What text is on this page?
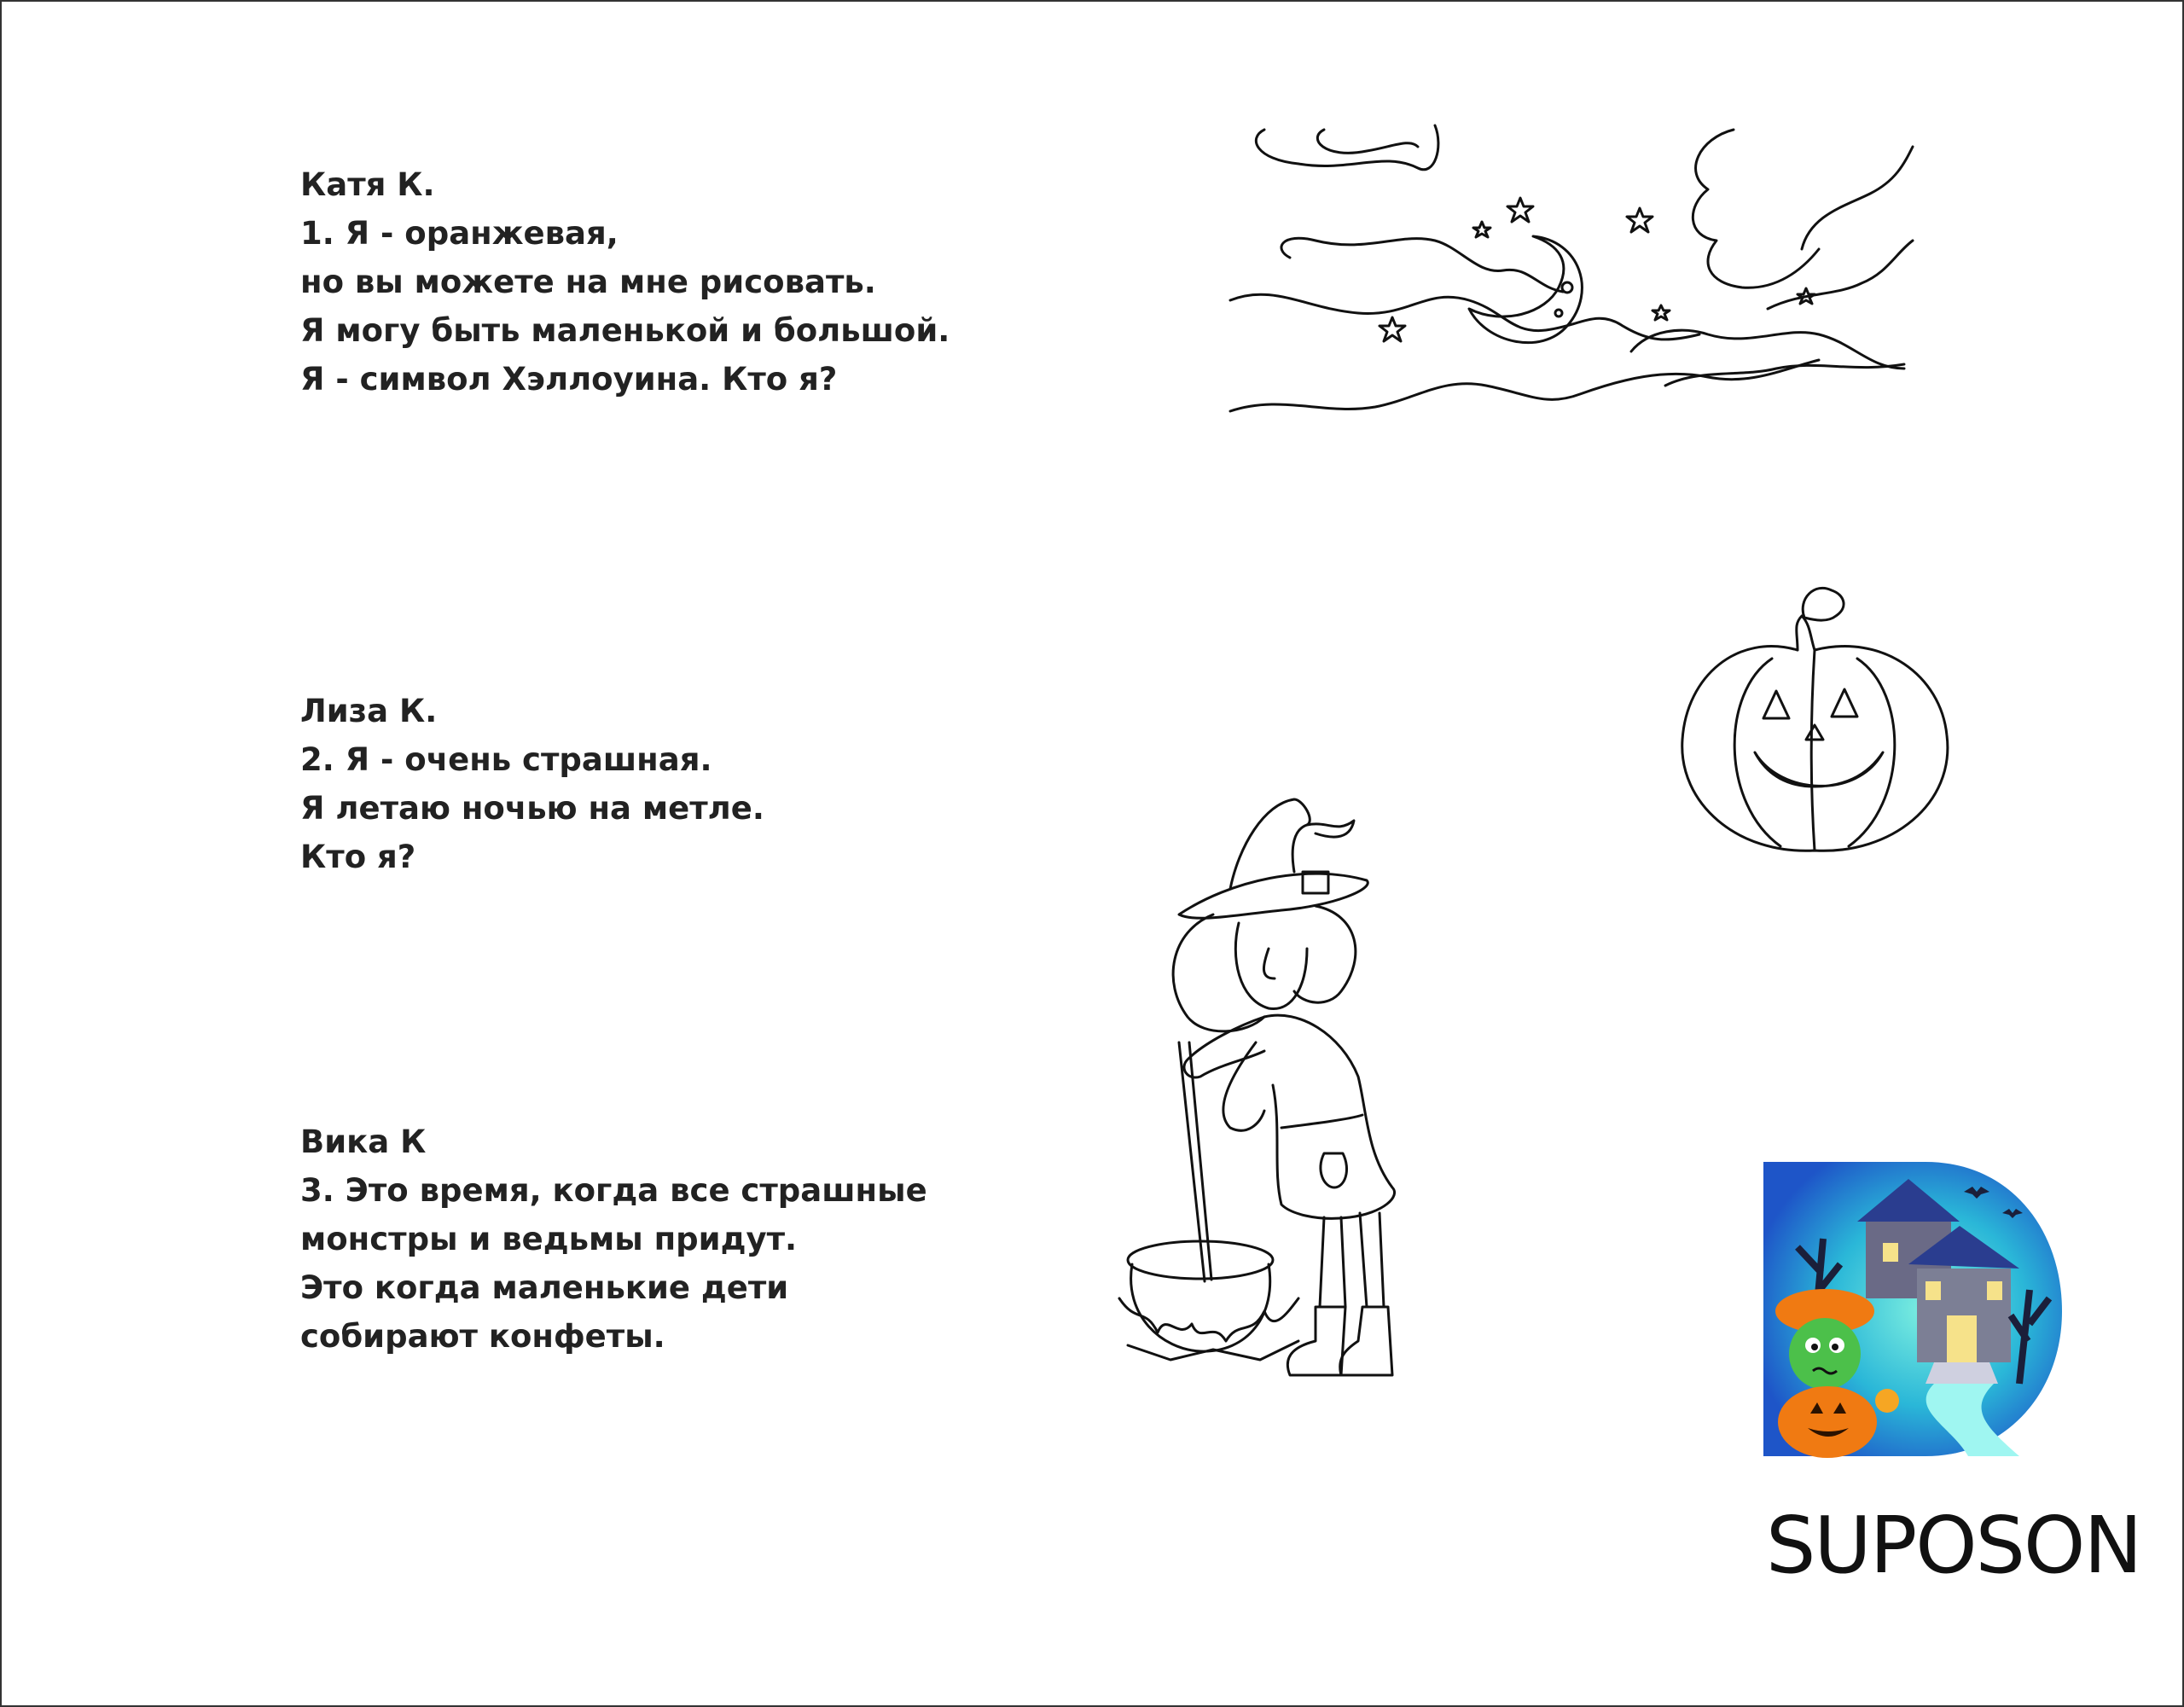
Катя К.
1. Я - оранжевая,
но вы можете на мне рисовать.
Я могу быть маленькой и большой.
Я - символ Хэллоуина. Кто я?
Лиза К.
2. Я - очень страшная.
Я летаю ночью на метле.
Кто я?
Вика К
3. Это время, когда все страшные
монстры и ведьмы придут.
Это когда маленькие дети
собирают конфеты.
SUPOSON
